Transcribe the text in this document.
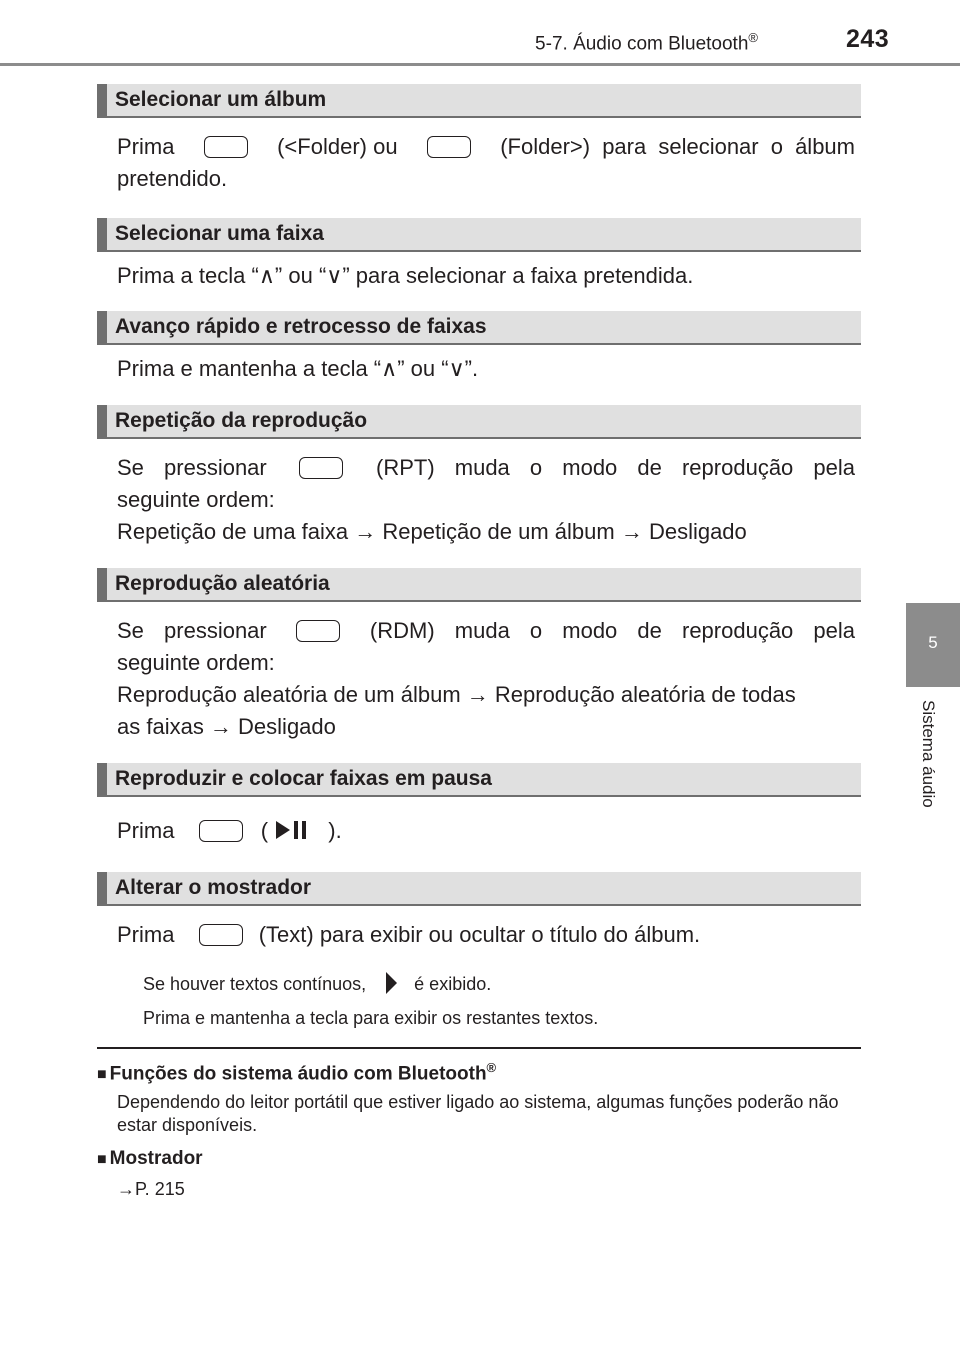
5-7. Áudio com Bluetooth®	243
5
Sistema áudio
Selecionar um álbum
Prima	(<Folder) ou	(Folder>) para selecionar o álbum
pretendido.
Selecionar uma faixa
Prima a tecla “∧” ou “∨” para selecionar a faixa pretendida.
Avanço rápido e retrocesso de faixas
Prima e mantenha a tecla “∧” ou “∨”.
Repetição da reprodução
Se pressionar	(RPT) muda o modo de reprodução pela
seguinte ordem:
Repetição de uma faixa → Repetição de um álbum → Desligado
Reprodução aleatória
Se pressionar	(RDM) muda o modo de reprodução pela
seguinte ordem:
Reprodução aleatória de um álbum → Reprodução aleatória de todas
as faixas → Desligado
Reproduzir e colocar faixas em pausa
Prima	(	).
Alterar o mostrador
Prima	(Text) para exibir ou ocultar o título do álbum.
Se houver textos contínuos,	é exibido.
Prima e mantenha a tecla para exibir os restantes textos.
■ Funções do sistema áudio com Bluetooth®
Dependendo do leitor portátil que estiver ligado ao sistema, algumas funções poderão não estar disponíveis.
■ Mostrador
→P. 215
